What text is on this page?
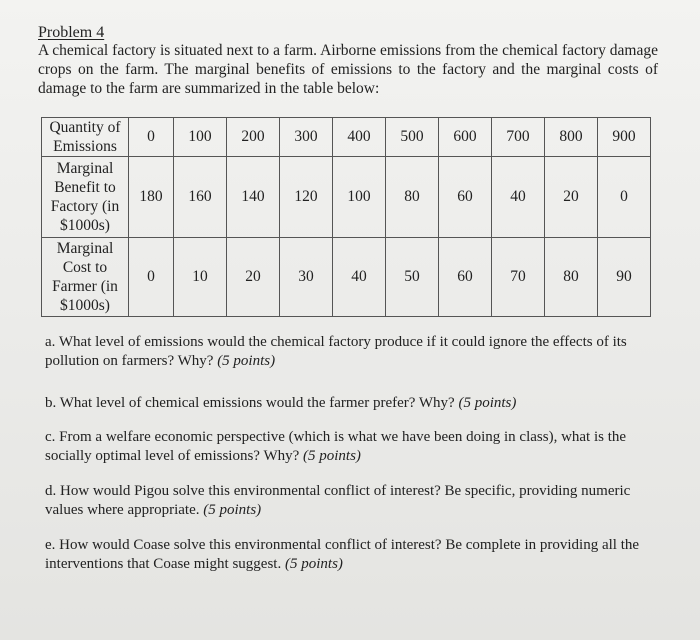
Problem 4
A chemical factory is situated next to a farm. Airborne emissions from the chemical factory damage crops on the farm. The marginal benefits of emissions to the factory and the marginal costs of damage to the farm are summarized in the table below:
Quantity of
Emissions	0	100	200	300	400	500	600	700	800	900
Marginal
Benefit to
Factory (in
$1000s)	180	160	140	120	100	80	60	40	20	0
Marginal
Cost to
Farmer (in
$1000s)	0	10	20	30	40	50	60	70	80	90
a. What level of emissions would the chemical factory produce if it could ignore the effects of its pollution on farmers? Why? (5 points)
b. What level of chemical emissions would the farmer prefer? Why? (5 points)
c. From a welfare economic perspective (which is what we have been doing in class), what is the socially optimal level of emissions? Why? (5 points)
d. How would Pigou solve this environmental conflict of interest? Be specific, providing numeric values where appropriate. (5 points)
e. How would Coase solve this environmental conflict of interest? Be complete in providing all the interventions that Coase might suggest. (5 points)
